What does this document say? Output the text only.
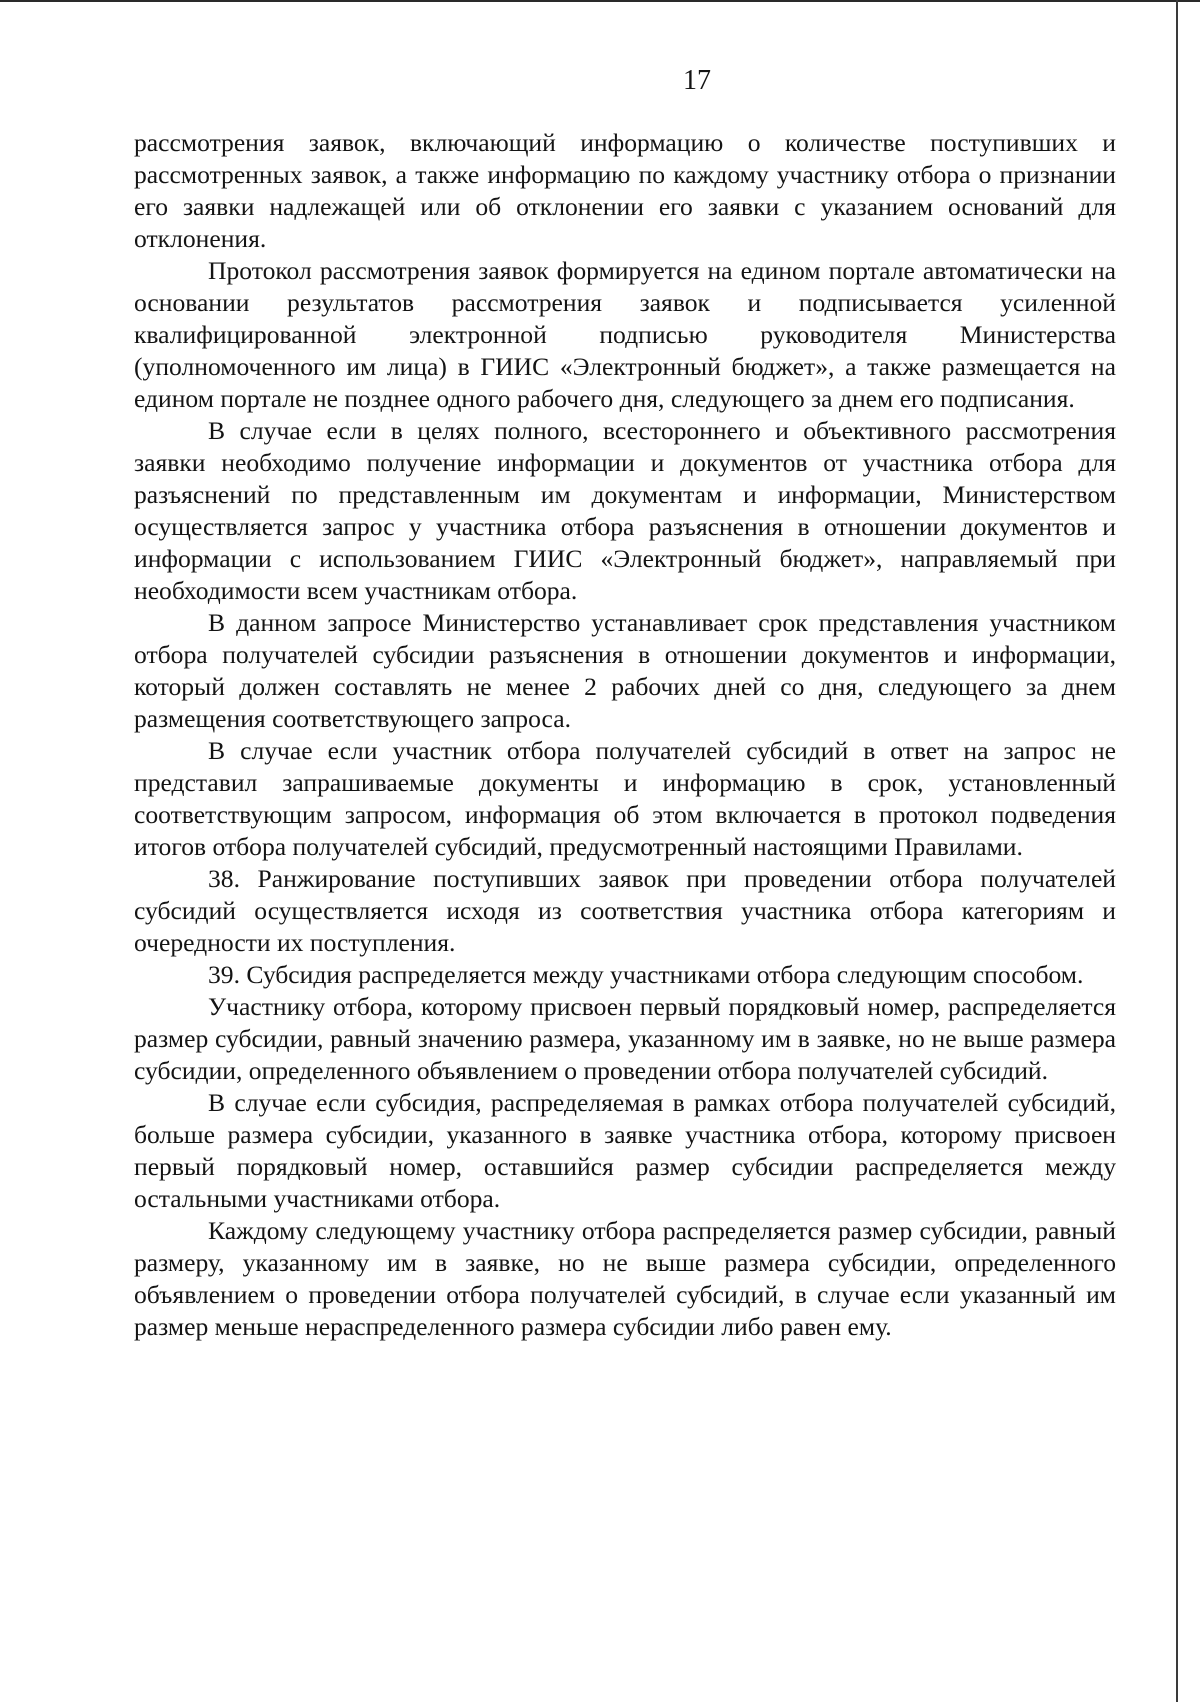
17

рассмотрения заявок, включающий информацию о количестве поступивших и рассмотренных заявок, а также информацию по каждому участнику отбора о признании его заявки надлежащей или об отклонении его заявки с указанием оснований для отклонения.

Протокол рассмотрения заявок формируется на едином портале автоматически на основании результатов рассмотрения заявок и подписывается усиленной квалифицированной электронной подписью руководителя Министерства (уполномоченного им лица) в ГИИС «Электронный бюджет», а также размещается на едином портале не позднее одного рабочего дня, следующего за днем его подписания.

В случае если в целях полного, всестороннего и объективного рассмотрения заявки необходимо получение информации и документов от участника отбора для разъяснений по представленным им документам и информации, Министерством осуществляется запрос у участника отбора разъяснения в отношении документов и информации с использованием ГИИС «Электронный бюджет», направляемый при необходимости всем участникам отбора.

В данном запросе Министерство устанавливает срок представления участником отбора получателей субсидии разъяснения в отношении документов и информации, который должен составлять не менее 2 рабочих дней со дня, следующего за днем размещения соответствующего запроса.

В случае если участник отбора получателей субсидий в ответ на запрос не представил запрашиваемые документы и информацию в срок, установленный соответствующим запросом, информация об этом включается в протокол подведения итогов отбора получателей субсидий, предусмотренный настоящими Правилами.

38. Ранжирование поступивших заявок при проведении отбора получателей субсидий осуществляется исходя из соответствия участника отбора категориям и очередности их поступления.

39. Субсидия распределяется между участниками отбора следующим способом.

Участнику отбора, которому присвоен первый порядковый номер, распределяется размер субсидии, равный значению размера, указанному им в заявке, но не выше размера субсидии, определенного объявлением о проведении отбора получателей субсидий.

В случае если субсидия, распределяемая в рамках отбора получателей субсидий, больше размера субсидии, указанного в заявке участника отбора, которому присвоен первый порядковый номер, оставшийся размер субсидии распределяется между остальными участниками отбора.

Каждому следующему участнику отбора распределяется размер субсидии, равный размеру, указанному им в заявке, но не выше размера субсидии, определенного объявлением о проведении отбора получателей субсидий, в случае если указанный им размер меньше нераспределенного размера субсидии либо равен ему.
